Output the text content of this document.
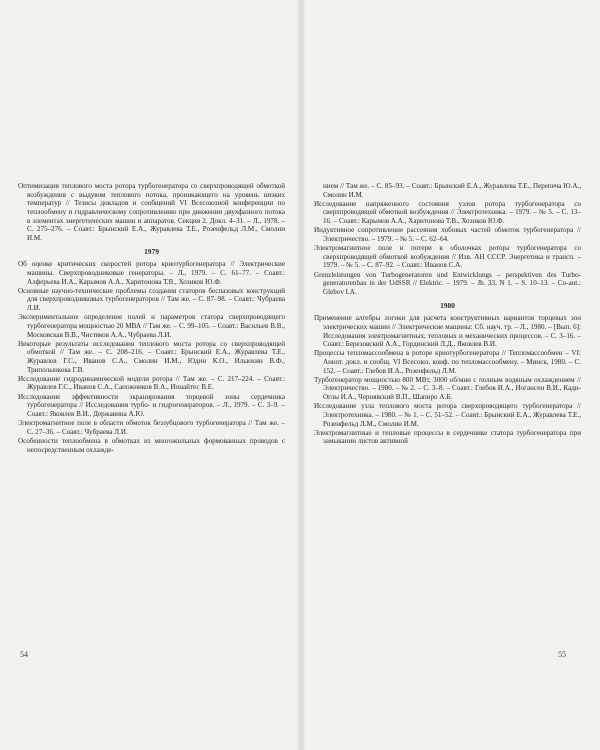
Оптимизация теплового моста ротора турбогенератора со сверхпроводящей обмоткой возбуждения с выдувом теплового потока, проникающего на уровень низких температур // Тезисы докладов и сообщений VI Всесоюзной конференции по теплообмену и гидравлическому сопротивлению при движении двухфазного потока в элементах энергетических машин и аппаратов. Секция 2. Докл. 4–31. – Л., 1978. – С. 275–276. – Соавт.: Брынский Е.А., Журавлева Т.Е., Розенфельд Л.М., Смолин И.М.

1979

Об оценке критических скоростей ротора криотурбогенератора // Электрические машины. Сверхпроводниковые генераторы. – Л., 1979. – С. 61–77. – Соавт.: Алферьева И.А., Карымов А.А., Харитонова Т.В., Хозиков Ю.Ф.

Основные научно-технические проблемы создания статоров беспазовых конструкций для сверхпроводниковых турбогенераторов // Там же. – С. 87–98. – Соавт.: Чубраева Л.И.

Экспериментальное определение полей и параметров статора сверхпроводящего турбогенератора мощностью 20 МВА // Там же. – С. 99–105. – Соавт.: Васильев В.В., Московская В.В., Чистяков А.А., Чубраева Л.И.

Некоторые результаты исследования теплового моста ротора со сверхпроводящей обмоткой // Там же. – С. 208–216. – Соавт.: Брынский Е.А., Журавлева Т.Е., Журавлев Г.С., Иванов С.А., Смолин И.М., Юдин К.О., Ильюхин В.Ф., Триполынкова Г.В.

Исследование гидродинамической модели ротора // Там же. – С. 217–224. – Соавт.: Журавлев Г.С., Иванов С.А., Сапожников В.А., Ионайтес В.Е.

Исследование эффективности экранирования торцевой зоны сердечника турбогенератора // Исследования турбо- и гидрогенераторов. – Л., 1979. – С. 3–9. – Соавт.: Яковлев В.И., Державина А.Ю.

Электромагнитное поле в области обмоток беззубцового турбогенератора // Там же. – С. 27–36. – Соавт.: Чубраева Л.И.

Особенности теплообмена в обмотках из многожильных формованных проводов с непосредственным охлажде-

нием // Там же. – С. 85–93. – Соавт.: Брынский Е.А., Журавлева Т.Е., Перепеча Ю.А., Смолин И.М.

Исследование напряженного состояния узлов ротора турбогенератора со сверхпроводящей обмоткой возбуждения // Электротехника. – 1979. – № 5. – С. 13–16. – Соавт.: Карымов А.А., Харитонова Т.В., Хозиков Ю.Ф.

Индуктивное сопротивление рассеяния лобовых частей обмоток турбогенератора // Электричество. – 1979. – № 5. – С. 62–64.

Электромагнитное поле и потери в оболочках ротора турбогенератора со сверхпроводящей обмоткой возбуждения // Изв. АН СССР. Энергетика и трансп. – 1979. – № 5. – С. 87–92. – Соавт.: Иванов С.А.

Grenzleistungen von Turbogeneratoren und Entwicklungs – perspektiven des Turbo-generatorenbau in der UdSSR // Elektric. – 1979. – Jb. 33, N 1. – S. 10–13. – Co-aut.: Glebov I.A.

1980

Применение алгебры логики для расчета конструктивных вариантов торцевых зон электрических машин // Электрические машины: Сб. науч. тр. – Л., 1980. – [Вып. 6]: Исследования электромагнитных, тепловых и механических процессов. – С. 3–16. – Соавт.: Березовский А.А., Гординский Л.Д., Яковлев В.И.

Процессы тепломассообмена в роторе криотурбогенератора // Тепломассообмен – VI: Аннот. докл. и сообщ. VI Всесоюз. конф. по тепломассообмену. – Минск, 1980. – С. 152. – Соавт.: Глебов И.А., Розенфельд Л.М.

Турбогенератор мощностью 800 МВт, 3000 об/мин с полным водяным охлаждением // Электричество. – 1980. – № 2. – С. 3–8. – Соавт.: Глебов И.А., Иогансен В.И., Кади-Оглы И.А., Чернявский В.П., Шапиро А.Б.

Исследование узла теплового моста ротора сверхпроводящего турбогенератора // Электротехника. – 1980. – № 1. – С. 51–52. – Соавт.: Брынский Е.А., Журавлева Т.Е., Розенфельд Л.М., Смолин И.М.

Электромагнитные и тепловые процессы в сердечнике статора турбогенератора при замыкании листов активной

54	55
